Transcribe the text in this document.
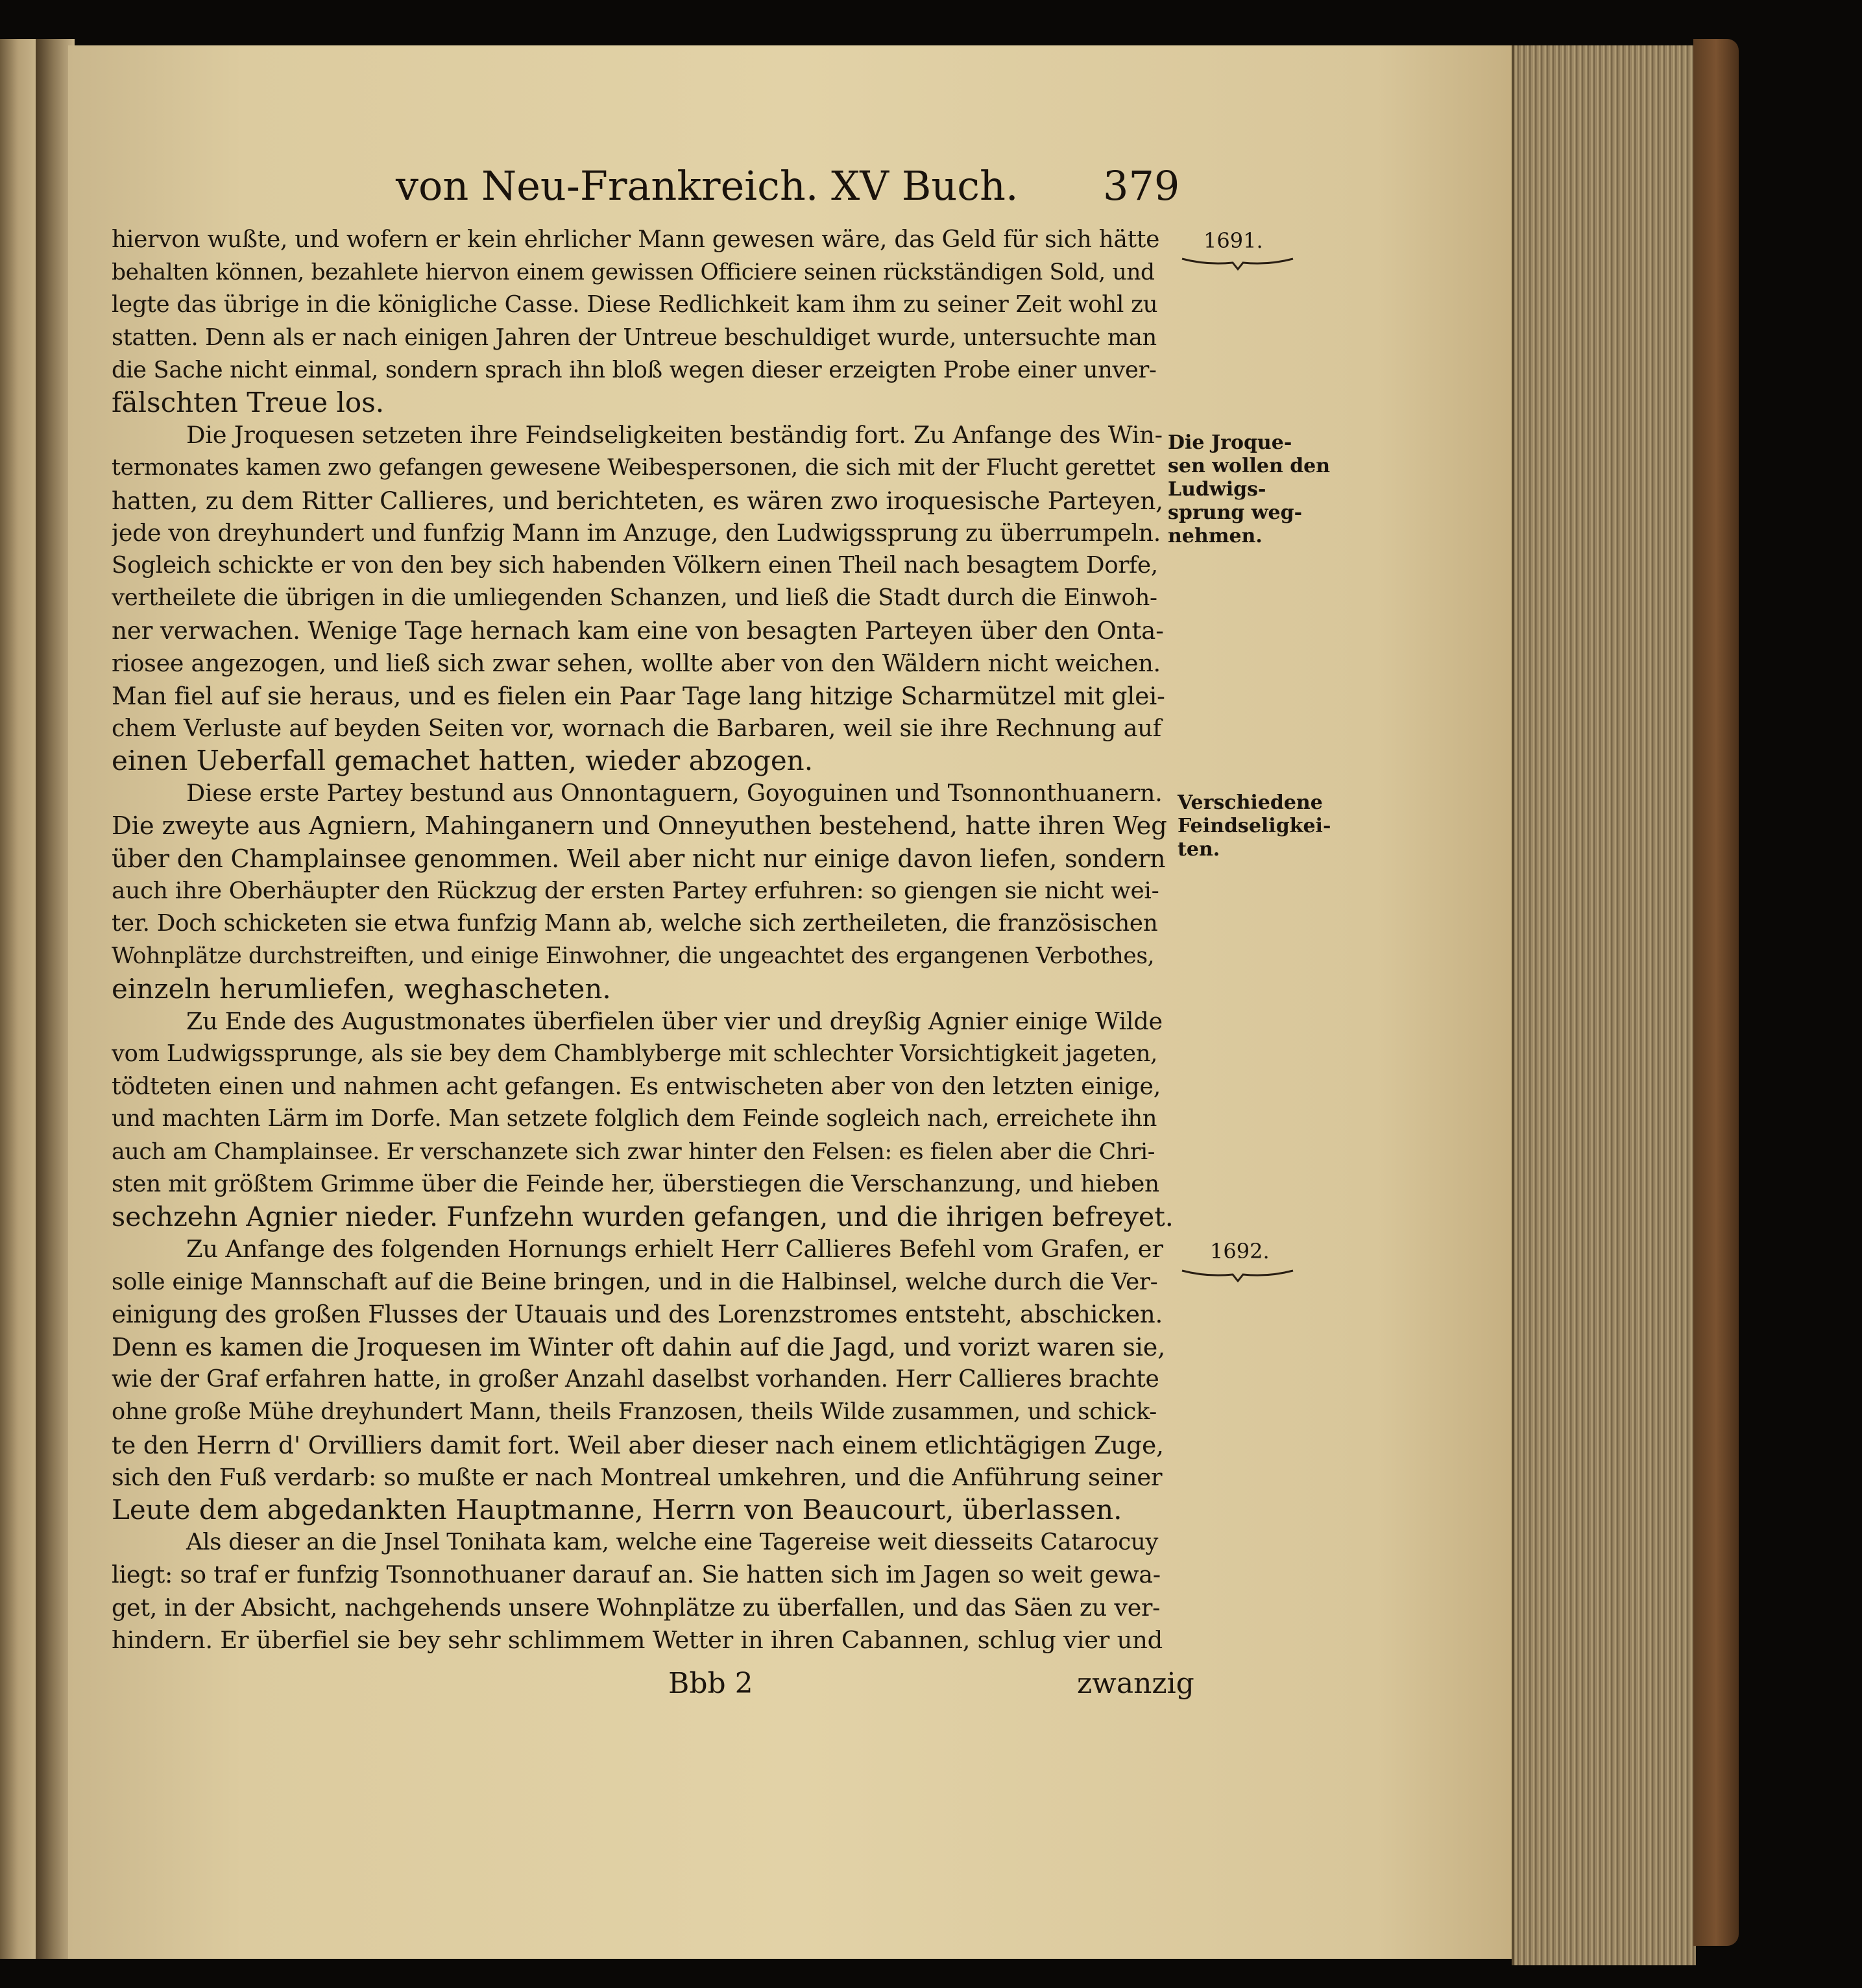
von Neu-Frankreich. XV Buch. 379
hiervon wußte, und wofern er kein ehrlicher Mann gewesen wäre, das Geld für sich hätte
behalten können, bezahlete hiervon einem gewissen Officiere seinen rückständigen Sold, und
legte das übrige in die königliche Casse. Diese Redlichkeit kam ihm zu seiner Zeit wohl zu
statten. Denn als er nach einigen Jahren der Untreue beschuldiget wurde, untersuchte man
die Sache nicht einmal, sondern sprach ihn bloß wegen dieser erzeigten Probe einer unver-
fälschten Treue los.
Die Jroquesen setzeten ihre Feindseligkeiten beständig fort. Zu Anfange des Win-
termonates kamen zwo gefangen gewesene Weibespersonen, die sich mit der Flucht gerettet
hatten, zu dem Ritter Callieres, und berichteten, es wären zwo iroquesische Parteyen,
jede von dreyhundert und funfzig Mann im Anzuge, den Ludwigssprung zu überrumpeln.
Sogleich schickte er von den bey sich habenden Völkern einen Theil nach besagtem Dorfe,
vertheilete die übrigen in die umliegenden Schanzen, und ließ die Stadt durch die Einwoh-
ner verwachen. Wenige Tage hernach kam eine von besagten Parteyen über den Onta-
riosee angezogen, und ließ sich zwar sehen, wollte aber von den Wäldern nicht weichen.
Man fiel auf sie heraus, und es fielen ein Paar Tage lang hitzige Scharmützel mit glei-
chem Verluste auf beyden Seiten vor, wornach die Barbaren, weil sie ihre Rechnung auf
einen Ueberfall gemachet hatten, wieder abzogen.
Diese erste Partey bestund aus Onnontaguern, Goyoguinen und Tsonnonthuanern.
Die zweyte aus Agniern, Mahinganern und Onneyuthen bestehend, hatte ihren Weg
über den Champlainsee genommen. Weil aber nicht nur einige davon liefen, sondern
auch ihre Oberhäupter den Rückzug der ersten Partey erfuhren: so giengen sie nicht wei-
ter. Doch schicketen sie etwa funfzig Mann ab, welche sich zertheileten, die französischen
Wohnplätze durchstreiften, und einige Einwohner, die ungeachtet des ergangenen Verbothes,
einzeln herumliefen, weghascheten.
Zu Ende des Augustmonates überfielen über vier und dreyßig Agnier einige Wilde
vom Ludwigssprunge, als sie bey dem Chamblyberge mit schlechter Vorsichtigkeit jageten,
tödteten einen und nahmen acht gefangen. Es entwischeten aber von den letzten einige,
und machten Lärm im Dorfe. Man setzete folglich dem Feinde sogleich nach, erreichete ihn
auch am Champlainsee. Er verschanzete sich zwar hinter den Felsen: es fielen aber die Chri-
sten mit größtem Grimme über die Feinde her, überstiegen die Verschanzung, und hieben
sechzehn Agnier nieder. Funfzehn wurden gefangen, und die ihrigen befreyet.
Zu Anfange des folgenden Hornungs erhielt Herr Callieres Befehl vom Grafen, er
solle einige Mannschaft auf die Beine bringen, und in die Halbinsel, welche durch die Ver-
einigung des großen Flusses der Utauais und des Lorenzstromes entsteht, abschicken.
Denn es kamen die Jroquesen im Winter oft dahin auf die Jagd, und vorizt waren sie,
wie der Graf erfahren hatte, in großer Anzahl daselbst vorhanden. Herr Callieres brachte
ohne große Mühe dreyhundert Mann, theils Franzosen, theils Wilde zusammen, und schick-
te den Herrn d' Orvilliers damit fort. Weil aber dieser nach einem etlichtägigen Zuge,
sich den Fuß verdarb: so mußte er nach Montreal umkehren, und die Anführung seiner
Leute dem abgedankten Hauptmanne, Herrn von Beaucourt, überlassen.
Als dieser an die Jnsel Tonihata kam, welche eine Tagereise weit diesseits Catarocuy
liegt: so traf er funfzig Tsonnothuaner darauf an. Sie hatten sich im Jagen so weit gewa-
get, in der Absicht, nachgehends unsere Wohnplätze zu überfallen, und das Säen zu ver-
hindern. Er überfiel sie bey sehr schlimmem Wetter in ihren Cabannen, schlug vier und
1691.
Die Jroque-
sen wollen den
Ludwigs-
sprung weg-
nehmen.
Verschiedene
Feindseligkei-
ten.
1692.
Bbb 2	zwanzig
